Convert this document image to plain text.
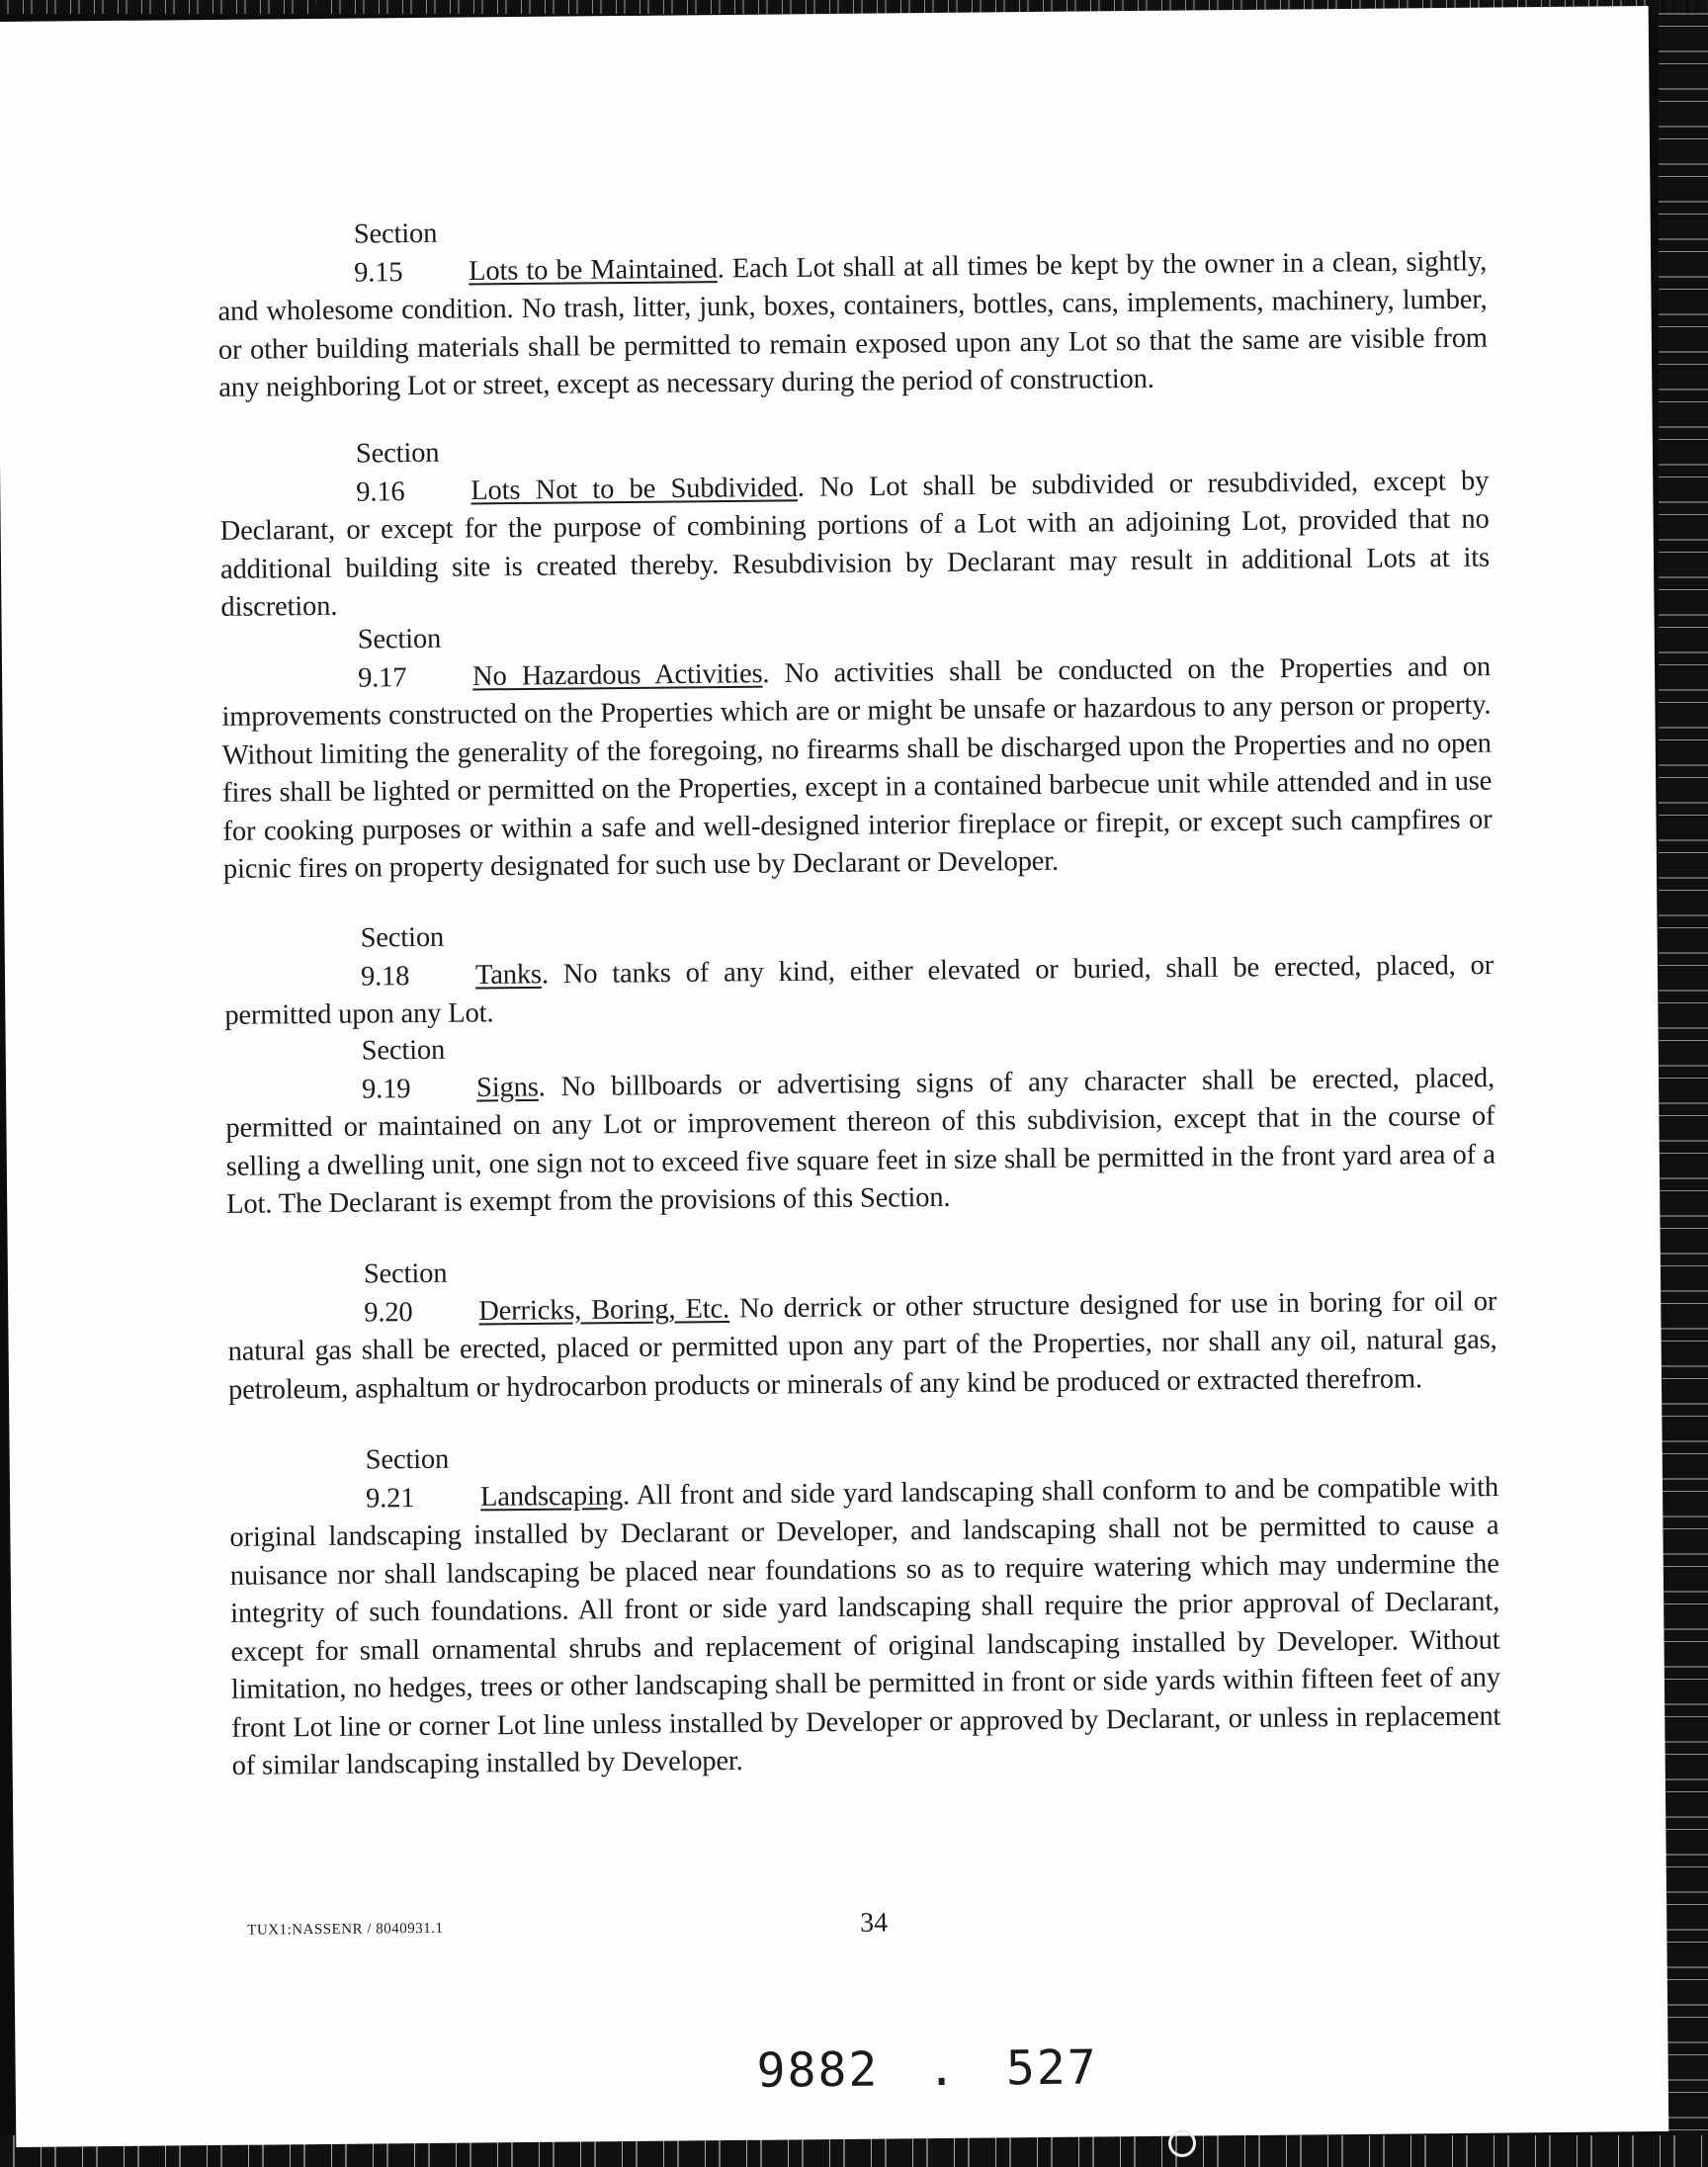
Section 9.15 Lots to be Maintained. Each Lot shall at all times be kept by the owner in a clean, sightly, and wholesome condition. No trash, litter, junk, boxes, containers, bottles, cans, implements, machinery, lumber, or other building materials shall be permitted to remain exposed upon any Lot so that the same are visible from any neighboring Lot or street, except as necessary during the period of construction.

Section 9.16 Lots Not to be Subdivided. No Lot shall be subdivided or resubdivided, except by Declarant, or except for the purpose of combining portions of a Lot with an adjoining Lot, provided that no additional building site is created thereby. Resubdivision by Declarant may result in additional Lots at its discretion.

Section 9.17 No Hazardous Activities. No activities shall be conducted on the Properties and on improvements constructed on the Properties which are or might be unsafe or hazardous to any person or property. Without limiting the generality of the foregoing, no firearms shall be discharged upon the Properties and no open fires shall be lighted or permitted on the Properties, except in a contained barbecue unit while attended and in use for cooking purposes or within a safe and well-designed interior fireplace or firepit, or except such campfires or picnic fires on property designated for such use by Declarant or Developer.

Section 9.18 Tanks. No tanks of any kind, either elevated or buried, shall be erected, placed, or permitted upon any Lot.

Section 9.19 Signs. No billboards or advertising signs of any character shall be erected, placed, permitted or maintained on any Lot or improvement thereon of this subdivision, except that in the course of selling a dwelling unit, one sign not to exceed five square feet in size shall be permitted in the front yard area of a Lot. The Declarant is exempt from the provisions of this Section.

Section 9.20 Derricks, Boring, Etc. No derrick or other structure designed for use in boring for oil or natural gas shall be erected, placed or permitted upon any part of the Properties, nor shall any oil, natural gas, petroleum, asphaltum or hydrocarbon products or minerals of any kind be produced or extracted therefrom.

Section 9.21 Landscaping. All front and side yard landscaping shall conform to and be compatible with original landscaping installed by Declarant or Developer, and landscaping shall not be permitted to cause a nuisance nor shall landscaping be placed near foundations so as to require watering which may undermine the integrity of such foundations. All front or side yard landscaping shall require the prior approval of Declarant, except for small ornamental shrubs and replacement of original landscaping installed by Developer. Without limitation, no hedges, trees or other landscaping shall be permitted in front or side yards within fifteen feet of any front Lot line or corner Lot line unless installed by Developer or approved by Declarant, or unless in replacement of similar landscaping installed by Developer.

TUX1:NASSENR / 8040931.1	34
9882 . 527
